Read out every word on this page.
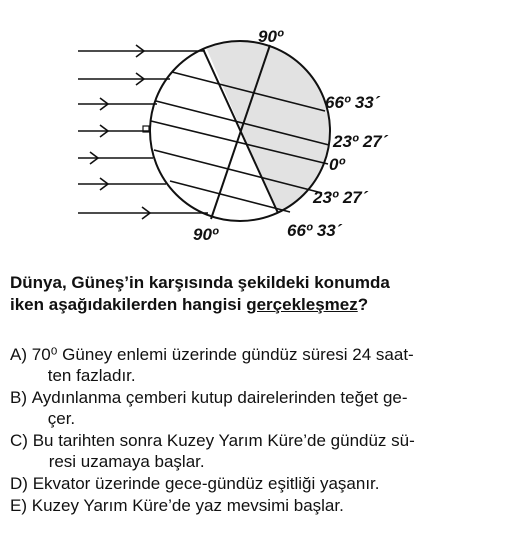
90º
90º
66º 33´
23º 27´
0º
23º 27´
66º 33´
Dünya, Güneş’in karşısında şekildeki konumda
iken aşağıdakilerden hangisi gerçekleşmez?
A)
70⁰ Güney enlemi üzerinde gündüz süresi 24 saat-
ten fazladır.
B)
Aydınlanma çemberi kutup dairelerinden teğet ge-
çer.
C)
Bu tarihten sonra Kuzey Yarım Küre’de gündüz sü-
resi uzamaya başlar.
D)
Ekvator üzerinde gece-gündüz eşitliği yaşanır.
E)
Kuzey Yarım Küre’de yaz mevsimi başlar.
